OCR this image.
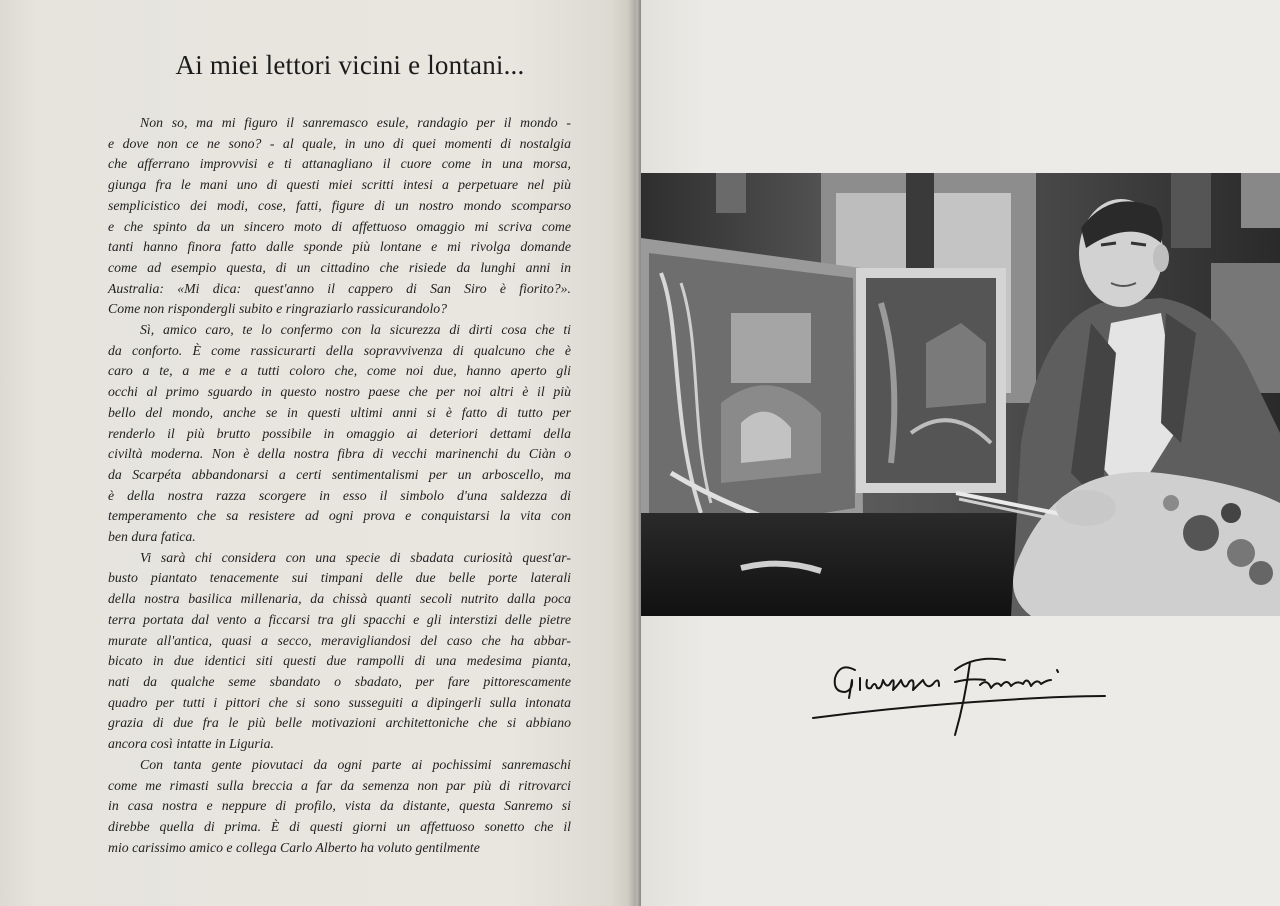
Ai miei lettori vicini e lontani...
Non so, ma mi figuro il sanremasco esule, randagio per il mondo -
e dove non ce ne sono? - al quale, in uno di quei momenti di nostalgia
che afferrano improvvisi e ti attanagliano il cuore come in una morsa,
giunga fra le mani uno di questi miei scritti intesi a perpetuare nel più
semplicistico dei modi, cose, fatti, figure di un nostro mondo scomparso
e che spinto da un sincero moto di affettuoso omaggio mi scriva come
tanti hanno finora fatto dalle sponde più lontane e mi rivolga domande
come ad esempio questa, di un cittadino che risiede da lunghi anni in
Australia: «Mi dica: quest'anno il cappero di San Siro è fiorito?».
Come non rispondergli subito e ringraziarlo rassicurandolo?
Sì, amico caro, te lo confermo con la sicurezza di dirti cosa che ti
da conforto. È come rassicurarti della sopravvivenza di qualcuno che è
caro a te, a me e a tutti coloro che, come noi due, hanno aperto gli
occhi al primo sguardo in questo nostro paese che per noi altri è il più
bello del mondo, anche se in questi ultimi anni si è fatto di tutto per
renderlo il più brutto possibile in omaggio ai deteriori dettami della
civiltà moderna. Non è della nostra fibra di vecchi marinenchi du Ciàn o
da Scarpéta abbandonarsi a certi sentimentalismi per un arboscello, ma
è della nostra razza scorgere in esso il simbolo d'una saldezza di
temperamento che sa resistere ad ogni prova e conquistarsi la vita con
ben dura fatica.
Vi sarà chi considera con una specie di sbadata curiosità quest'ar-
busto piantato tenacemente sui timpani delle due belle porte laterali
della nostra basilica millenaria, da chissà quanti secoli nutrito dalla poca
terra portata dal vento a ficcarsi tra gli spacchi e gli interstizi delle pietre
murate all'antica, quasi a secco, meravigliandosi del caso che ha abbar-
bicato in due identici siti questi due rampolli di una medesima pianta,
nati da qualche seme sbandato o sbadato, per fare pittorescamente
quadro per tutti i pittori che si sono susseguiti a dipingerli sulla intonata
grazia di due fra le più belle motivazioni architettoniche che si abbiano
ancora così intatte in Liguria.
Con tanta gente piovutaci da ogni parte ai pochissimi sanremaschi
come me rimasti sulla breccia a far da semenza non par più di ritrovarci
in casa nostra e neppure di profilo, vista da distante, questa Sanremo si
direbbe quella di prima. È di questi giorni un affettuoso sonetto che il
mio carissimo amico e collega Carlo Alberto ha voluto gentilmente
